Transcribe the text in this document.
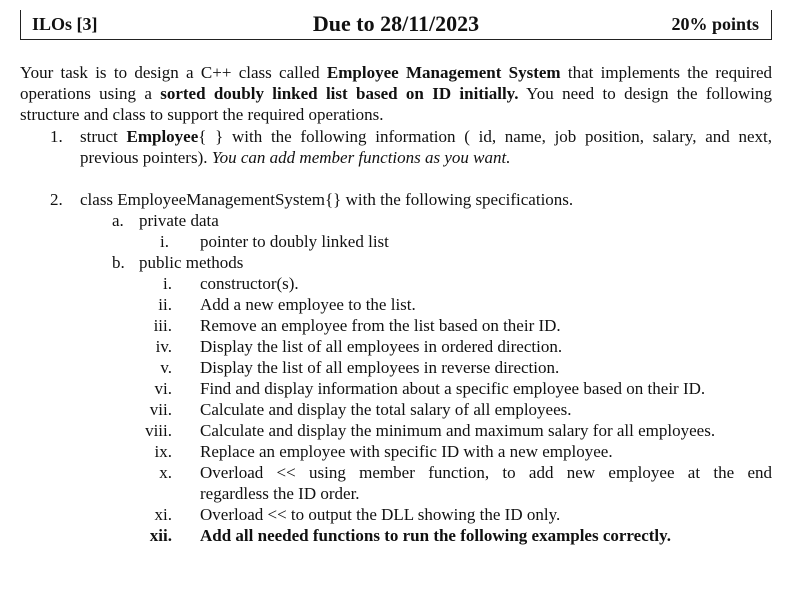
ILOs [3]	Due to 28/11/2023	20% points
Your task is to design a C++ class called Employee Management System that implements the required
operations using a sorted doubly linked list based on ID initially. You need to design the following
structure and class to support the required operations.
1. struct Employee{ } with the following information ( id, name, job position, salary, and next,
previous pointers). You can add member functions as you want.
2. class EmployeeManagementSystem{} with the following specifications.
a. private data
i. pointer to doubly linked list
b. public methods
i. constructor(s).
ii. Add a new employee to the list.
iii. Remove an employee from the list based on their ID.
iv. Display the list of all employees in ordered direction.
v. Display the list of all employees in reverse direction.
vi. Find and display information about a specific employee based on their ID.
vii. Calculate and display the total salary of all employees.
viii. Calculate and display the minimum and maximum salary for all employees.
ix. Replace an employee with specific ID with a new employee.
x. Overload << using member function, to add new employee at the end
regardless the ID order.
xi. Overload << to output the DLL showing the ID only.
xii. Add all needed functions to run the following examples correctly.
